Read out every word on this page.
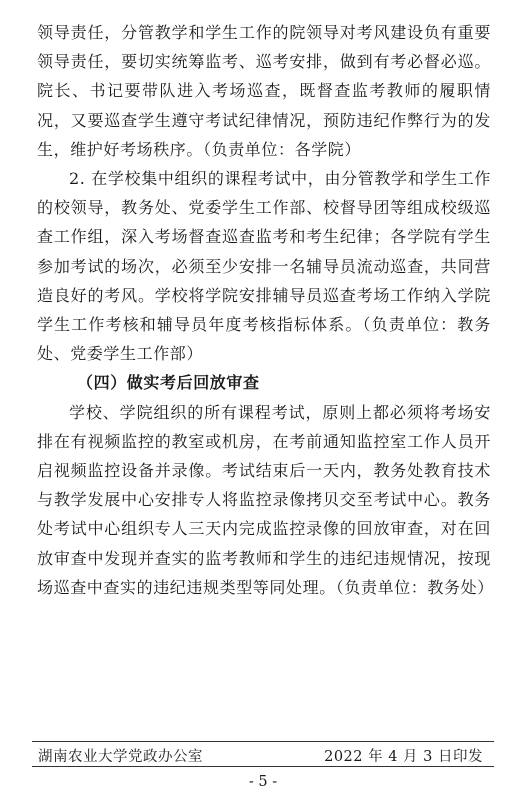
领导责任，分管教学和学生工作的院领导对考风建设负有重要领导责任，要切实统筹监考、巡考安排，做到有考必督必巡。院长、书记要带队进入考场巡查，既督查监考教师的履职情况，又要巡查学生遵守考试纪律情况，预防违纪作弊行为的发生，维护好考场秩序。（负责单位：各学院）

2. 在学校集中组织的课程考试中，由分管教学和学生工作的校领导，教务处、党委学生工作部、校督导团等组成校级巡查工作组，深入考场督查巡查监考和考生纪律；各学院有学生参加考试的场次，必须至少安排一名辅导员流动巡查，共同营造良好的考风。学校将学院安排辅导员巡查考场工作纳入学院学生工作考核和辅导员年度考核指标体系。（负责单位：教务处、党委学生工作部）

（四）做实考后回放审查

学校、学院组织的所有课程考试，原则上都必须将考场安排在有视频监控的教室或机房，在考前通知监控室工作人员开启视频监控设备并录像。考试结束后一天内，教务处教育技术与教学发展中心安排专人将监控录像拷贝交至考试中心。教务处考试中心组织专人三天内完成监控录像的回放审查，对在回放审查中发现并查实的监考教师和学生的违纪违规情况，按现场巡查中查实的违纪违规类型等同处理。（负责单位：教务处）

湖南农业大学党政办公室	2022 年 4 月 3 日印发
- 5 -
